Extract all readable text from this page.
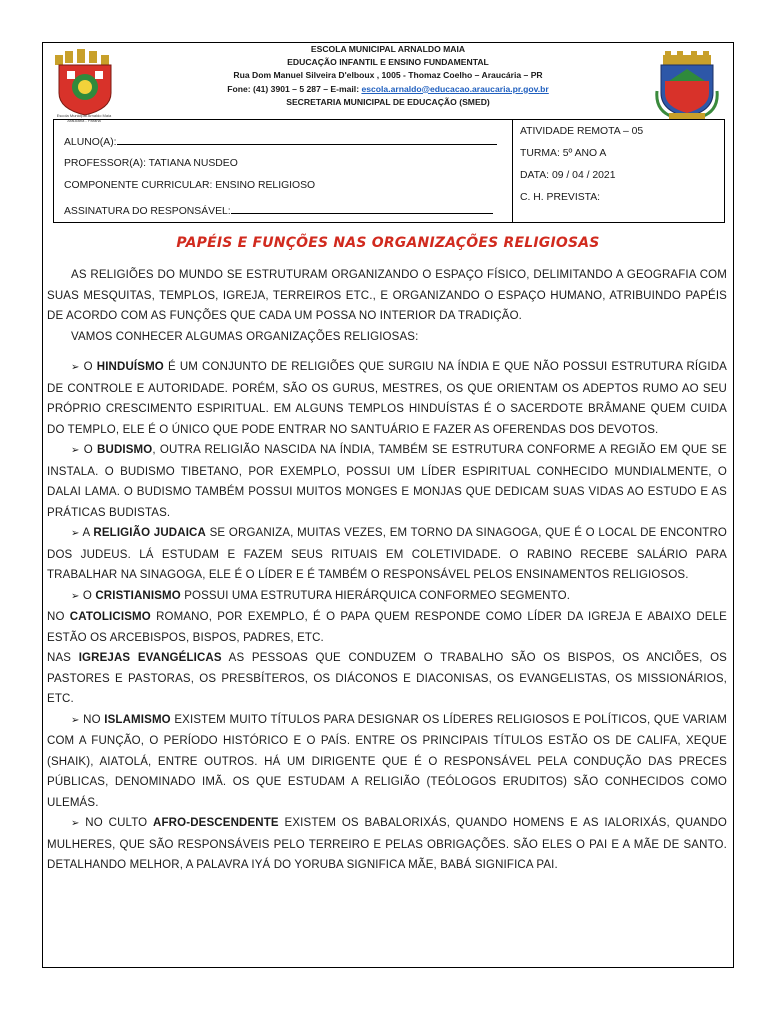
Escola Municipal Arnaldo Maia Araucária - Paraná
ESCOLA MUNICIPAL ARNALDO MAIA
EDUCAÇÃO INFANTIL E ENSINO FUNDAMENTAL
Rua Dom Manuel Silveira D'elboux , 1005 - Thomaz Coelho – Araucária – PR
Fone: (41) 3901 – 5 287 – E-mail: escola.arnaldo@educacao.araucaria.pr.gov.br
SECRETARIA MUNICIPAL DE EDUCAÇÃO (SMED)
ALUNO(A):
PROFESSOR(A): TATIANA NUSDEO
COMPONENTE CURRICULAR: ENSINO RELIGIOSO
ASSINATURA DO RESPONSÁVEL:
ATIVIDADE REMOTA – 05
TURMA: 5º ANO A
DATA: 09 / 04 / 2021
C. H. PREVISTA:
PAPÉIS E FUNÇÕES NAS ORGANIZAÇÕES RELIGIOSAS

AS RELIGIÕES DO MUNDO SE ESTRUTURAM ORGANIZANDO O ESPAÇO FÍSICO, DELIMITANDO A GEOGRAFIA COM SUAS MESQUITAS, TEMPLOS, IGREJA, TERREIROS ETC., E ORGANIZANDO O ESPAÇO HUMANO, ATRIBUINDO PAPÉIS DE ACORDO COM AS FUNÇÕES QUE CADA UM POSSA NO INTERIOR DA TRADIÇÃO.

VAMOS CONHECER ALGUMAS ORGANIZAÇÕES RELIGIOSAS:

➢ O HINDUÍSMO É UM CONJUNTO DE RELIGIÕES QUE SURGIU NA ÍNDIA E QUE NÃO POSSUI ESTRUTURA RÍGIDA DE CONTROLE E AUTORIDADE. PORÉM, SÃO OS GURUS, MESTRES, OS QUE ORIENTAM OS ADEPTOS RUMO AO SEU PRÓPRIO CRESCIMENTO ESPIRITUAL. EM ALGUNS TEMPLOS HINDUÍSTAS É O SACERDOTE BRÂMANE QUEM CUIDA DO TEMPLO, ELE É O ÚNICO QUE PODE ENTRAR NO SANTUÁRIO E FAZER AS OFERENDAS DOS DEVOTOS.

➢ O BUDISMO, OUTRA RELIGIÃO NASCIDA NA ÍNDIA, TAMBÉM SE ESTRUTURA CONFORME A REGIÃO EM QUE SE INSTALA. O BUDISMO TIBETANO, POR EXEMPLO, POSSUI UM LÍDER ESPIRITUAL CONHECIDO MUNDIALMENTE, O DALAI LAMA. O BUDISMO TAMBÉM POSSUI MUITOS MONGES E MONJAS QUE DEDICAM SUAS VIDAS AO ESTUDO E AS PRÁTICAS BUDISTAS.

➢ A RELIGIÃO JUDAICA SE ORGANIZA, MUITAS VEZES, EM TORNO DA SINAGOGA, QUE É O LOCAL DE ENCONTRO DOS JUDEUS. LÁ ESTUDAM E FAZEM SEUS RITUAIS EM COLETIVIDADE. O RABINO RECEBE SALÁRIO PARA TRABALHAR NA SINAGOGA, ELE É O LÍDER E É TAMBÉM O RESPONSÁVEL PELOS ENSINAMENTOS RELIGIOSOS.

➢ O CRISTIANISMO POSSUI UMA ESTRUTURA HIERÁRQUICA CONFORMEO SEGMENTO.

NO CATOLICISMO ROMANO, POR EXEMPLO, É O PAPA QUEM RESPONDE COMO LÍDER DA IGREJA E ABAIXO DELE ESTÃO OS ARCEBISPOS, BISPOS, PADRES, ETC.

NAS IGREJAS EVANGÉLICAS AS PESSOAS QUE CONDUZEM O TRABALHO SÃO OS BISPOS, OS ANCIÕES, OS PASTORES E PASTORAS, OS PRESBÍTEROS, OS DIÁCONOS E DIACONISAS, OS EVANGELISTAS, OS MISSIONÁRIOS, ETC.

➢ NO ISLAMISMO EXISTEM MUITO TÍTULOS PARA DESIGNAR OS LÍDERES RELIGIOSOS E POLÍTICOS, QUE VARIAM COM A FUNÇÃO, O PERÍODO HISTÓRICO E O PAÍS. ENTRE OS PRINCIPAIS TÍTULOS ESTÃO OS DE CALIFA, XEQUE (SHAIK), AIATOLÁ, ENTRE OUTROS. HÁ UM DIRIGENTE QUE É O RESPONSÁVEL PELA CONDUÇÃO DAS PRECES PÚBLICAS, DENOMINADO IMÃ. OS QUE ESTUDAM A RELIGIÃO (TEÓLOGOS ERUDITOS) SÃO CONHECIDOS COMO ULEMÁS.

➢ NO CULTO AFRO-DESCENDENTE EXISTEM OS BABALORIXÁS, QUANDO HOMENS E AS IALORIXÁS, QUANDO MULHERES, QUE SÃO RESPONSÁVEIS PELO TERREIRO E PELAS OBRIGAÇÕES. SÃO ELES O PAI E A MÃE DE SANTO. DETALHANDO MELHOR, A PALAVRA IYÁ DO YORUBA SIGNIFICA MÃE, BABÁ SIGNIFICA PAI.
